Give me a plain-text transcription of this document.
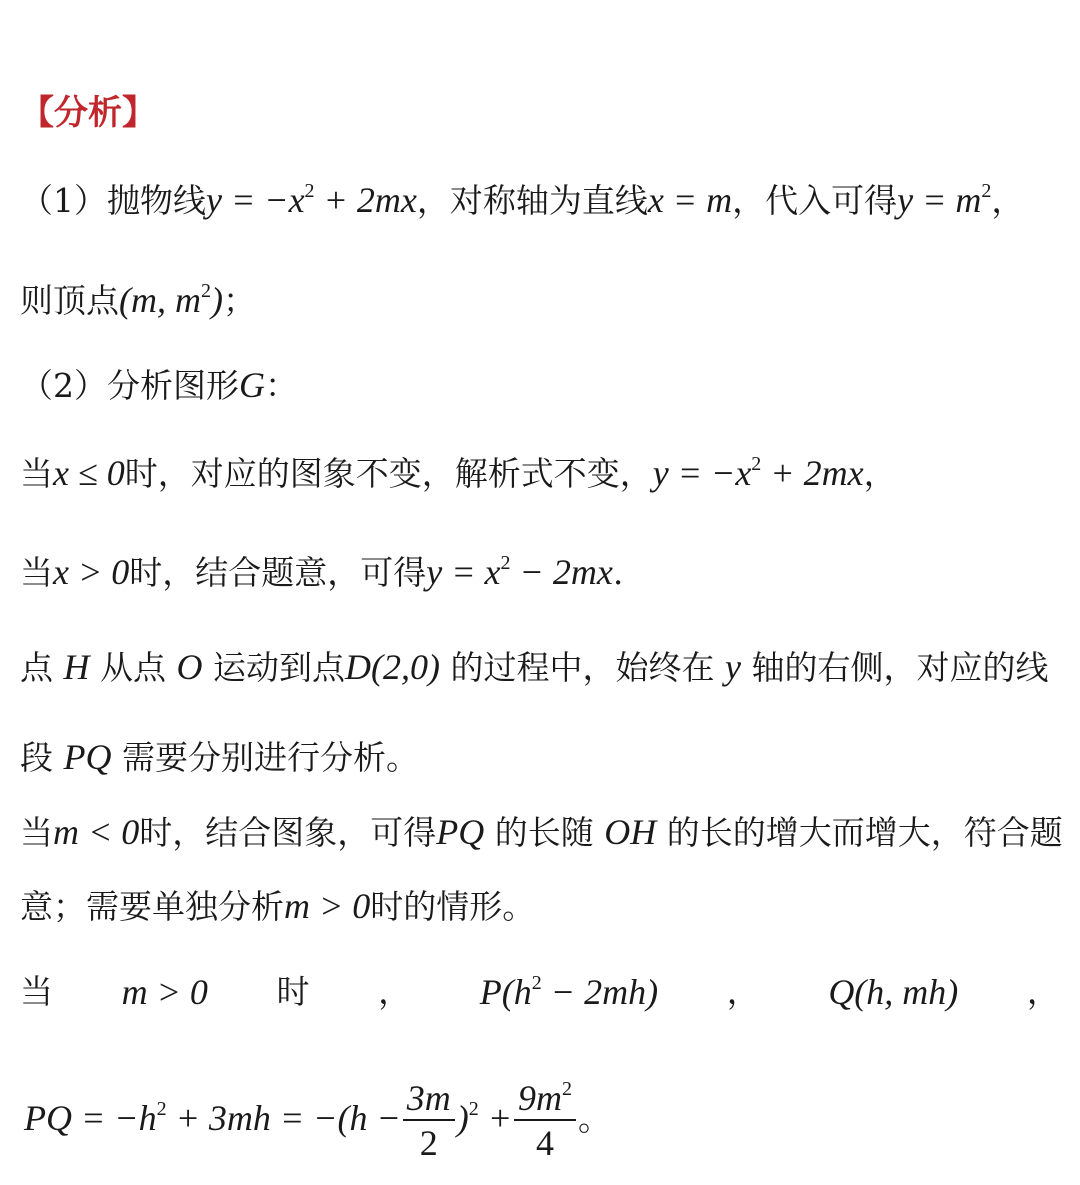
【分析】
（1）抛物线$y = -x^2 + 2mx$，对称轴为直线x = m，代入可得$y = m^2$，
则顶点(m, $m^2$)；
（2）分析图形G：
当x ≤ 0时，对应的图象不变，解析式不变，$y = -x^2 + 2mx$，
当x > 0时，结合题意，可得$y = x^2 - 2mx$.
点 H 从点 O 运动到点D(2,0) 的过程中，始终在 y 轴的右侧，对应的线
段 PQ 需要分别进行分析。
当m < 0时，结合图象，可得PQ 的长随 OH 的长的增大而增大，符合题
意；需要单独分析m > 0时的情形。
当 m > 0 时 ， $P(h^2 - 2mh)$ ， Q(h, mh) ，
PQ = $-h^2 + 3mh = -(h - \frac{3m}{2} )^2 + \frac{9m^2}{4}$ 。
